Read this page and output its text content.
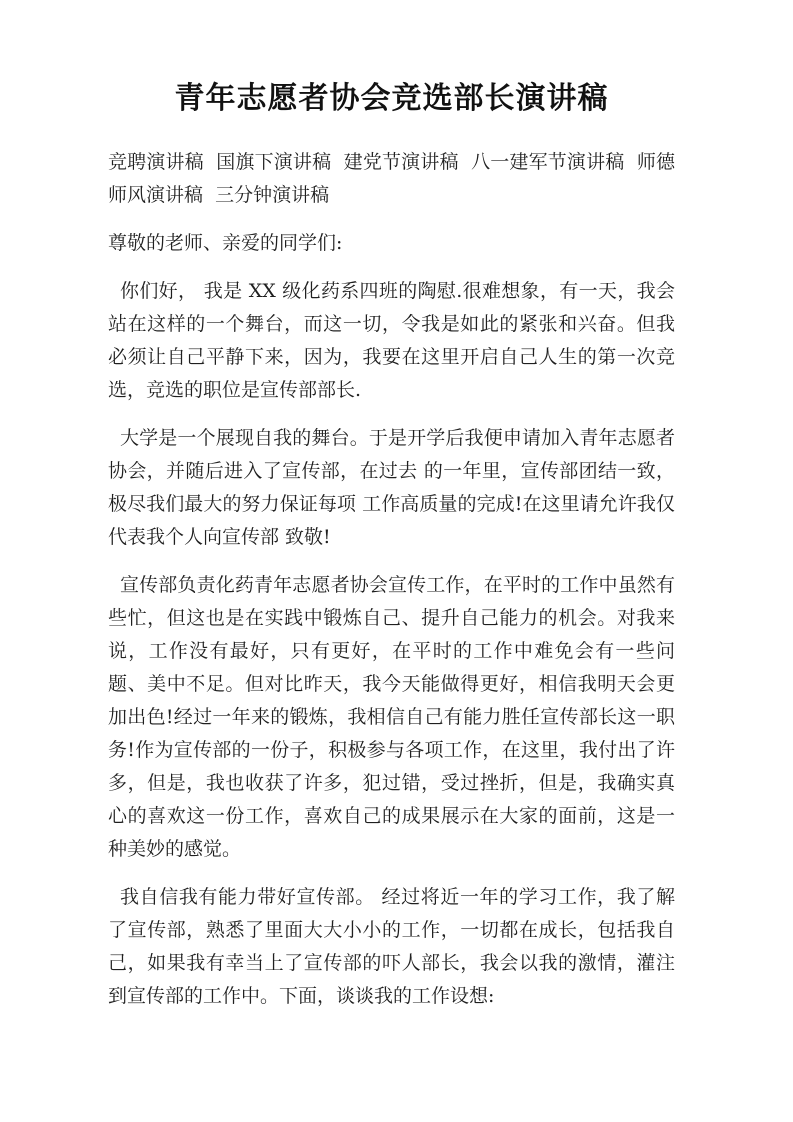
青年志愿者协会竞选部长演讲稿

竞聘演讲稿  国旗下演讲稿  建党节演讲稿  八一建军节演讲稿  师德师风演讲稿  三分钟演讲稿

尊敬的老师、亲爱的同学们:

你们好， 我是 XX 级化药系四班的陶慰.很难想象，有一天，我会站在这样的一个舞台，而这一切，令我是如此的紧张和兴奋。但我必须让自己平静下来，因为，我要在这里开启自己人生的第一次竞选，竞选的职位是宣传部部长.

大学是一个展现自我的舞台。于是开学后我便申请加入青年志愿者协会，并随后进入了宣传部，在过去 的一年里，宣传部团结一致，极尽我们最大的努力保证每项 工作高质量的完成!在这里请允许我仅代表我个人向宣传部 致敬!

宣传部负责化药青年志愿者协会宣传工作，在平时的工作中虽然有些忙，但这也是在实践中锻炼自己、提升自己能力的机会。对我来说，工作没有最好，只有更好，在平时的工作中难免会有一些问题、美中不足。但对比昨天，我今天能做得更好，相信我明天会更加出色!经过一年来的锻炼，我相信自己有能力胜任宣传部长这一职务!作为宣传部的一份子，积极参与各项工作，在这里，我付出了许多，但是，我也收获了许多，犯过错，受过挫折，但是，我确实真心的喜欢这一份工作，喜欢自己的成果展示在大家的面前，这是一种美妙的感觉。

我自信我有能力带好宣传部。 经过将近一年的学习工作，我了解了宣传部，熟悉了里面大大小小的工作，一切都在成长，包括我自己，如果我有幸当上了宣传部的吓人部长，我会以我的激情，灌注到宣传部的工作中。下面，谈谈我的工作设想:
